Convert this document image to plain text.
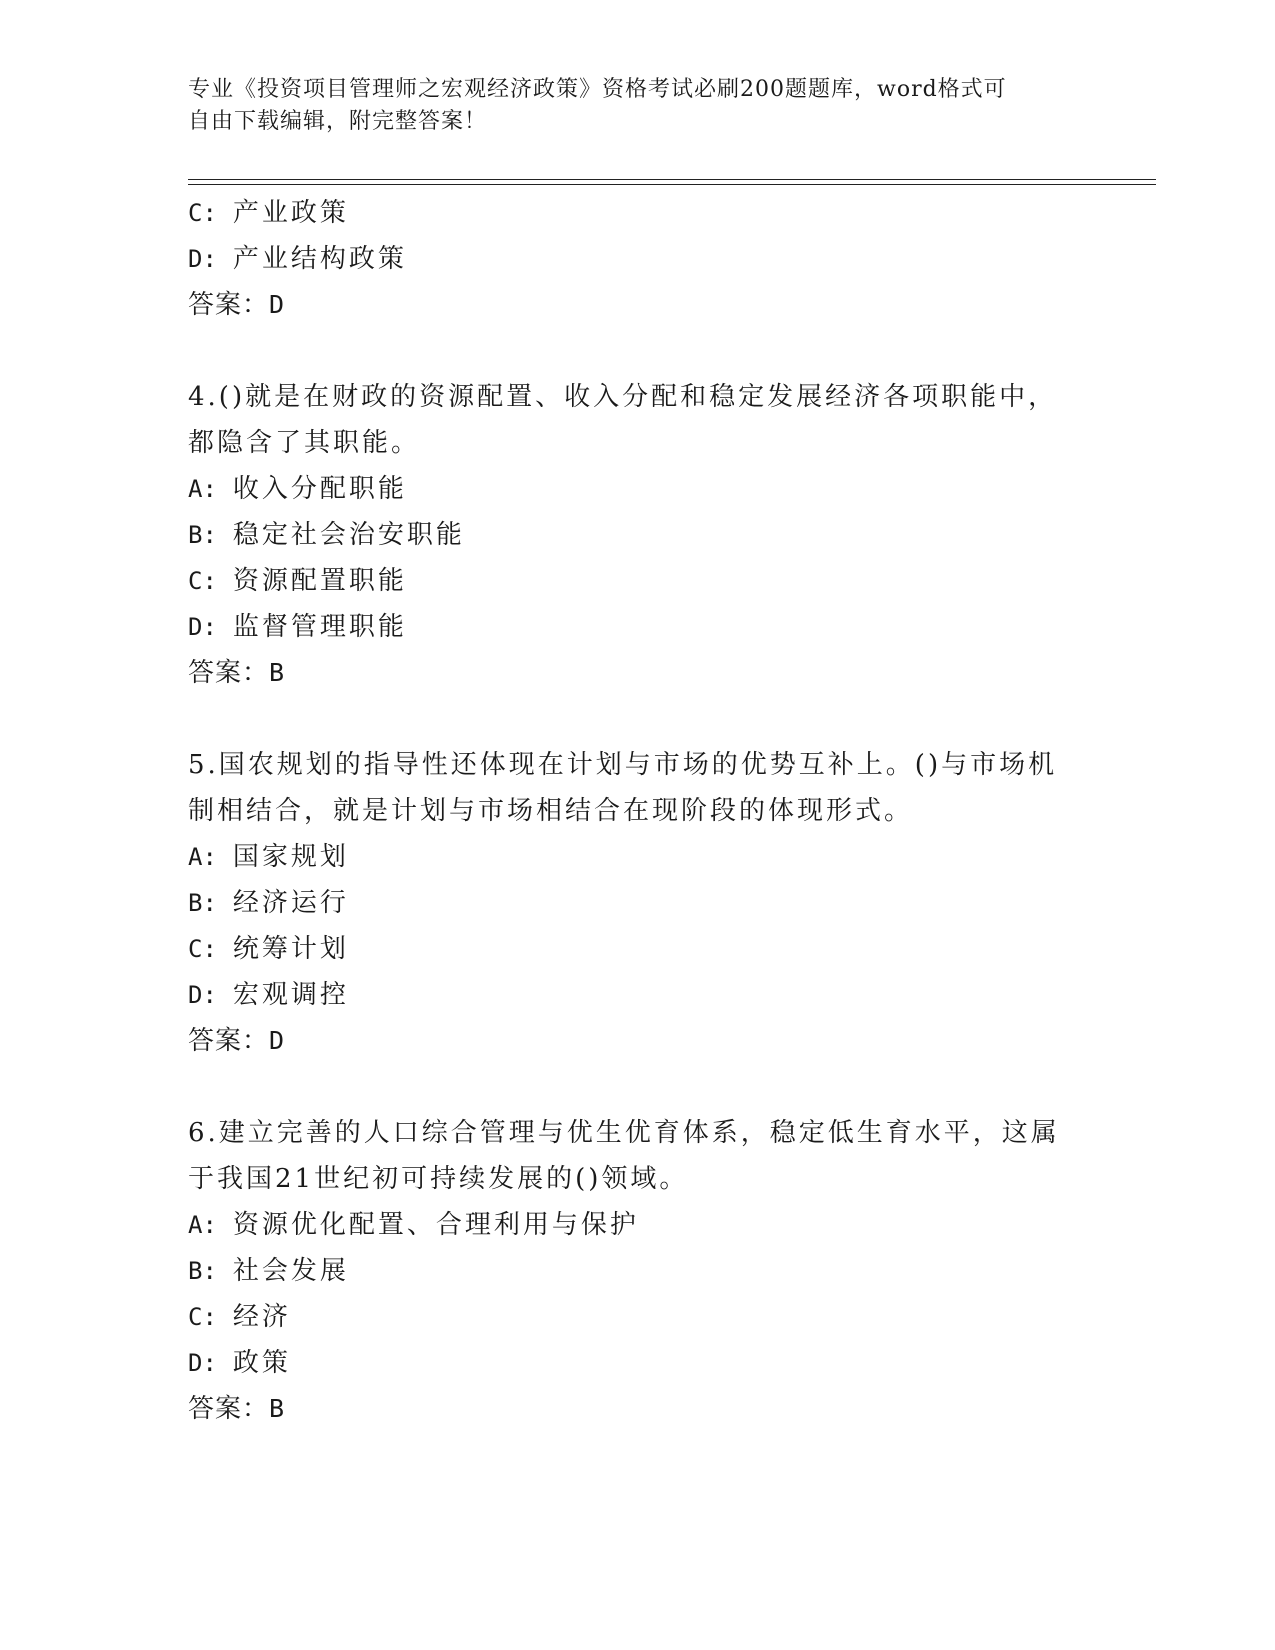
专业《投资项目管理师之宏观经济政策》资格考试必刷200题题库，word格式可
自由下载编辑，附完整答案！
C: 产业政策
D: 产业结构政策
答案：D
4.()就是在财政的资源配置、收入分配和稳定发展经济各项职能中，
都隐含了其职能。
A: 收入分配职能
B: 稳定社会治安职能
C: 资源配置职能
D: 监督管理职能
答案：B
5.国农规划的指导性还体现在计划与市场的优势互补上。()与市场机
制相结合，就是计划与市场相结合在现阶段的体现形式。
A: 国家规划
B: 经济运行
C: 统筹计划
D: 宏观调控
答案：D
6.建立完善的人口综合管理与优生优育体系，稳定低生育水平，这属
于我国21世纪初可持续发展的()领域。
A: 资源优化配置、合理利用与保护
B: 社会发展
C: 经济
D: 政策
答案：B
